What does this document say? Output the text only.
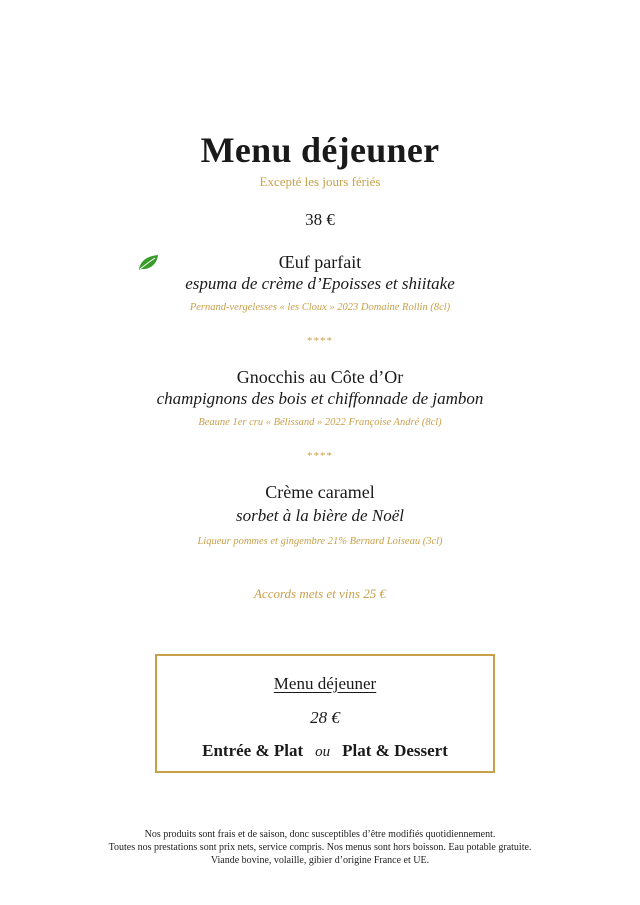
Menu déjeuner
Excepté les jours fériés
38 €
Œuf parfait
espuma de crème d’Epoisses et shiitake
Pernand-vergelesses « les Cloux » 2023 Domaine Rollin (8cl)
****
Gnocchis au Côte d’Or
champignons des bois et chiffonnade de jambon
Beaune 1er cru « Bélissand » 2022 Françoise André (8cl)
****
Crème caramel
sorbet à la bière de Noël
Liqueur pommes et gingembre 21% Bernard Loiseau (3cl)
Accords mets et vins 25 €
Menu déjeuner
28 €
Entrée & Plat ou Plat & Dessert
Nos produits sont frais et de saison, donc susceptibles d’être modifiés quotidiennement.
Toutes nos prestations sont prix nets, service compris. Nos menus sont hors boisson. Eau potable gratuite.
Viande bovine, volaille, gibier d’origine France et UE.
